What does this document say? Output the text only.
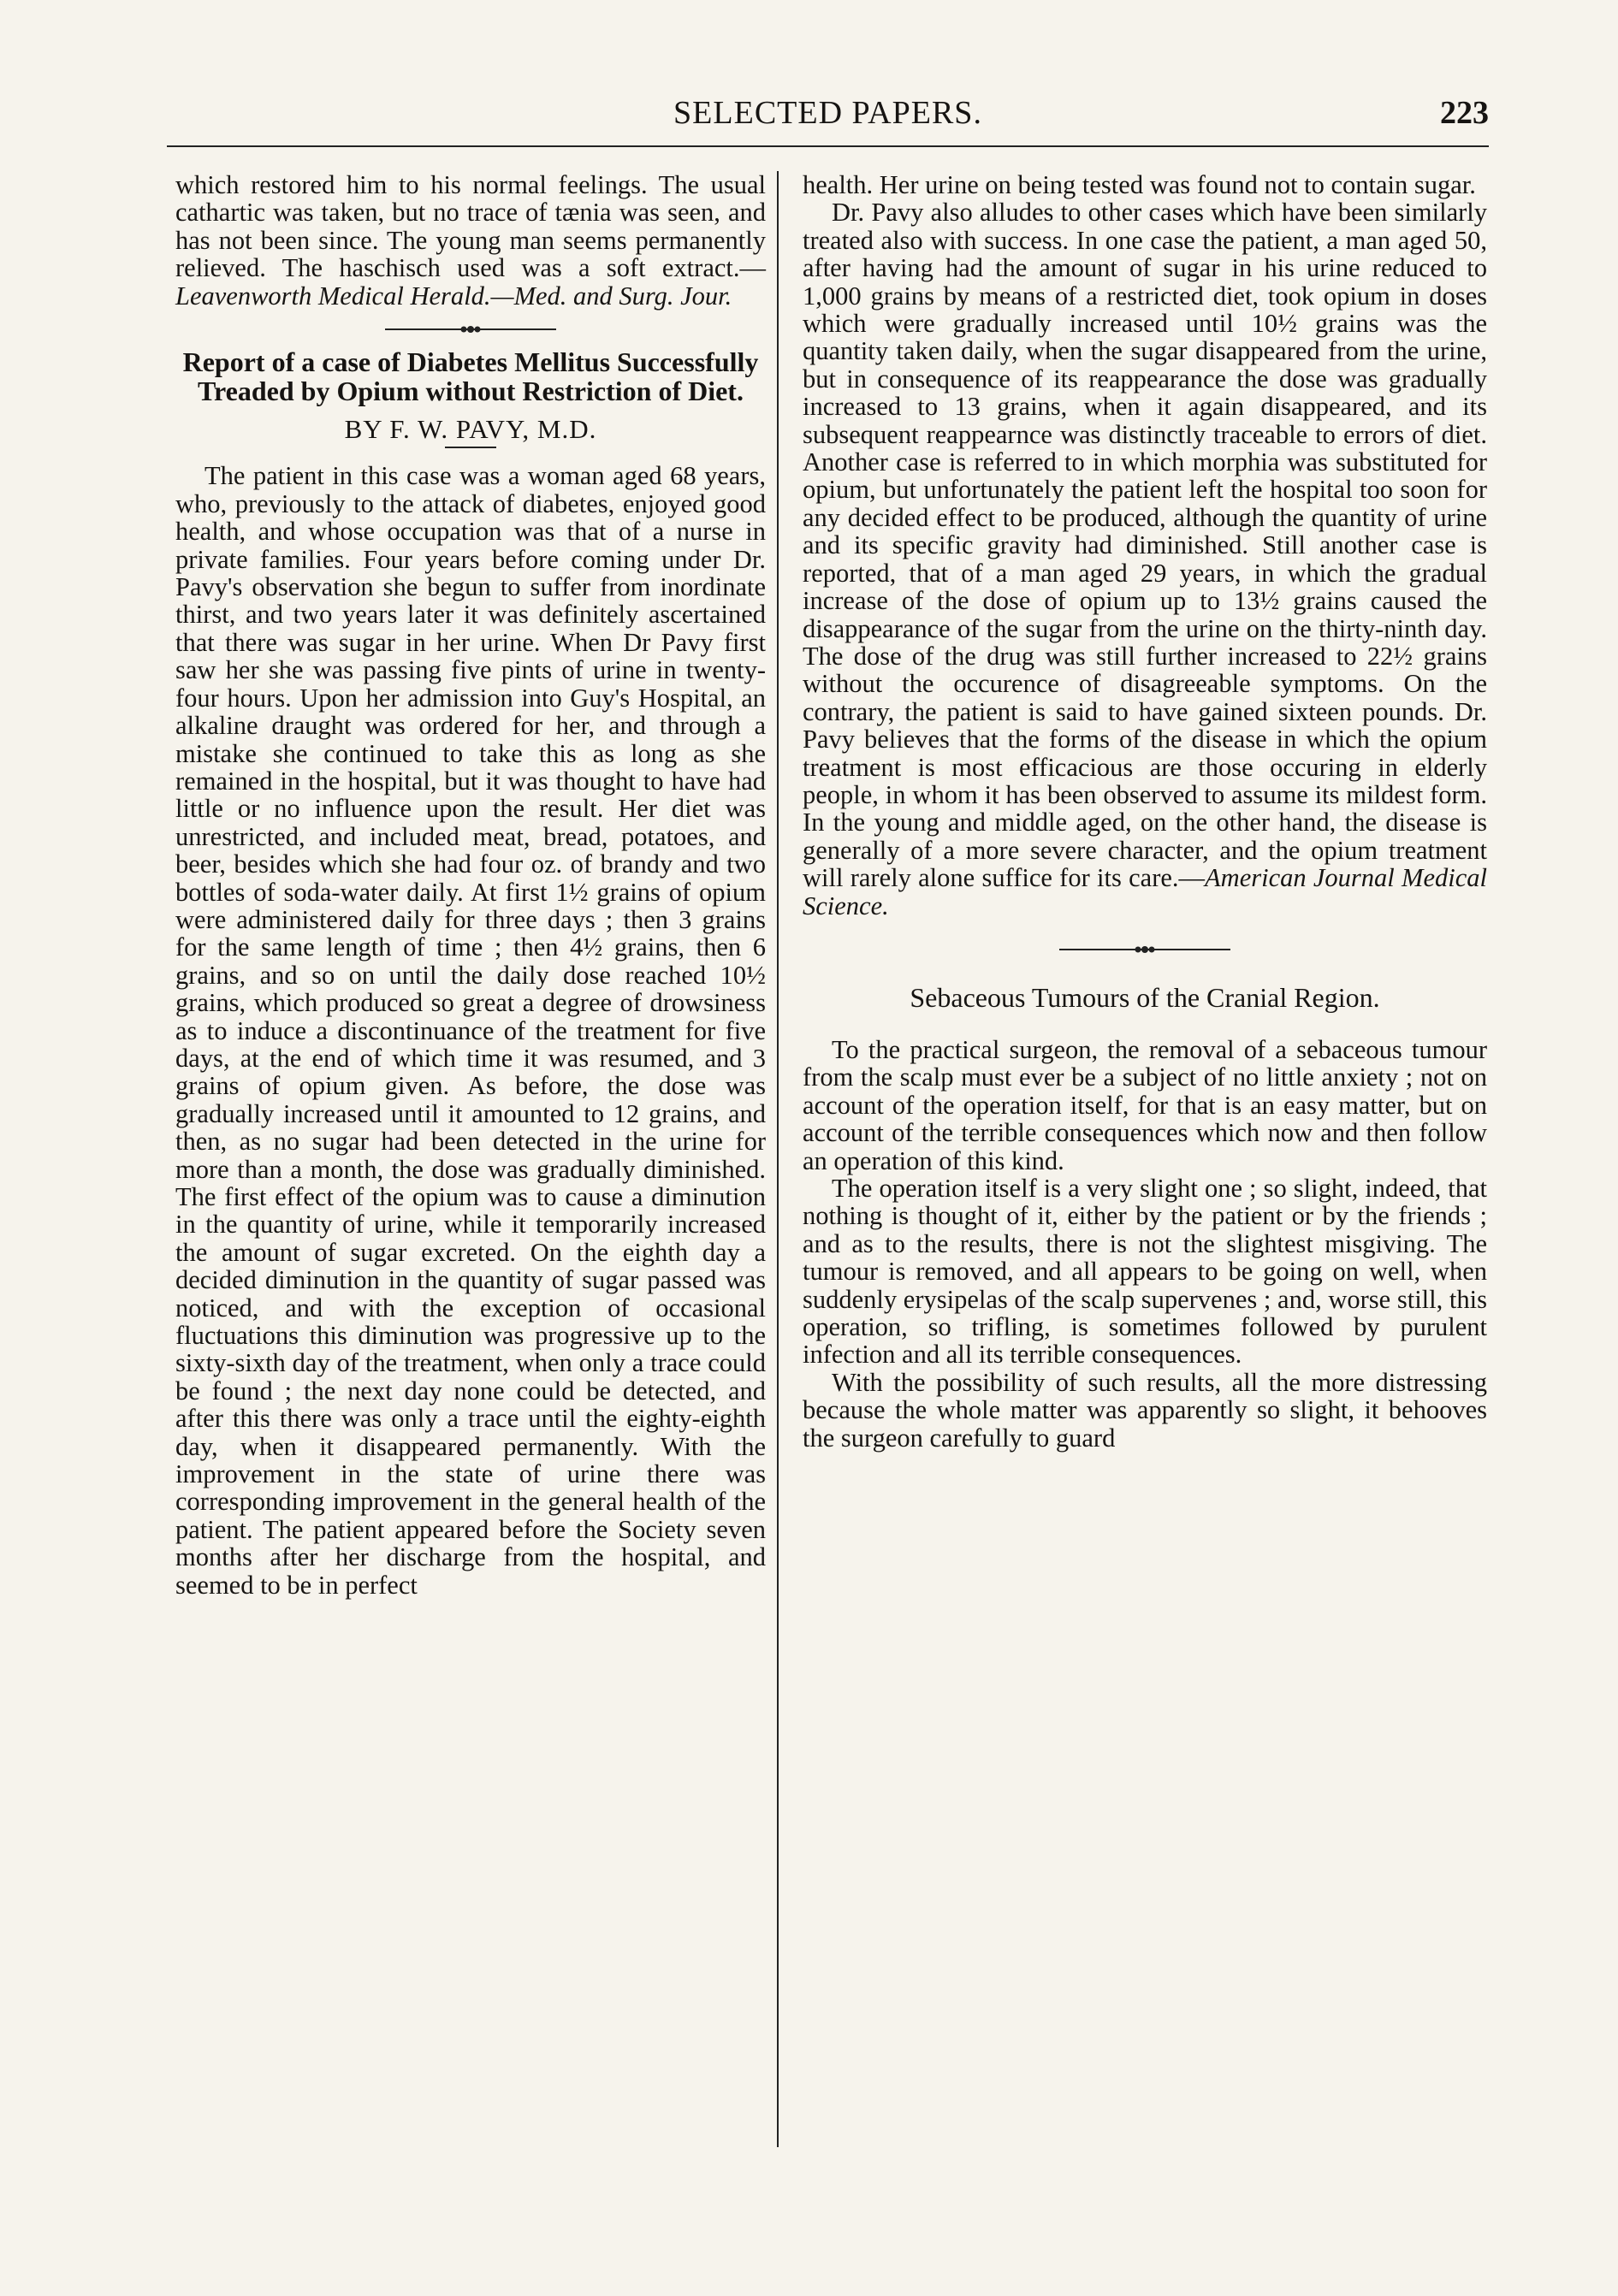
SELECTED PAPERS.	223

which restored him to his normal feelings. The usual cathartic was taken, but no trace of tænia was seen, and has not been since. The young man seems permanently relieved. The haschisch used was a soft extract.—Leavenworth Medical Herald.—Med. and Surg. Jour.

Report of a case of Diabetes Mellitus Successfully Treaded by Opium without Restriction of Diet.
BY F. W. PAVY, M.D.

The patient in this case was a woman aged 68 years, who, previously to the attack of diabetes, enjoyed good health, and whose occupation was that of a nurse in private families. Four years before coming under Dr. Pavy's observation she begun to suffer from inordinate thirst, and two years later it was definitely ascertained that there was sugar in her urine. When Dr Pavy first saw her she was passing five pints of urine in twenty-four hours. Upon her admission into Guy's Hospital, an alkaline draught was ordered for her, and through a mistake she continued to take this as long as she remained in the hospital, but it was thought to have had little or no influence upon the result. Her diet was unrestricted, and included meat, bread, potatoes, and beer, besides which she had four oz. of brandy and two bottles of soda-water daily. At first 1½ grains of opium were administered daily for three days ; then 3 grains for the same length of time ; then 4½ grains, then 6 grains, and so on until the daily dose reached 10½ grains, which produced so great a degree of drowsiness as to induce a discontinuance of the treatment for five days, at the end of which time it was resumed, and 3 grains of opium given. As before, the dose was gradually increased until it amounted to 12 grains, and then, as no sugar had been detected in the urine for more than a month, the dose was gradually diminished. The first effect of the opium was to cause a diminution in the quantity of urine, while it temporarily increased the amount of sugar excreted. On the eighth day a decided diminution in the quantity of sugar passed was noticed, and with the exception of occasional fluctuations this diminution was progressive up to the sixty-sixth day of the treatment, when only a trace could be found ; the next day none could be detected, and after this there was only a trace until the eighty-eighth day, when it disappeared permanently. With the improvement in the state of urine there was corresponding improvement in the general health of the patient. The patient appeared before the Society seven months after her discharge from the hospital, and seemed to be in perfect

health. Her urine on being tested was found not to contain sugar.

Dr. Pavy also alludes to other cases which have been similarly treated also with success. In one case the patient, a man aged 50, after having had the amount of sugar in his urine reduced to 1,000 grains by means of a restricted diet, took opium in doses which were gradually increased until 10½ grains was the quantity taken daily, when the sugar disappeared from the urine, but in consequence of its reappearance the dose was gradually increased to 13 grains, when it again disappeared, and its subsequent reappearnce was distinctly traceable to errors of diet. Another case is referred to in which morphia was substituted for opium, but unfortunately the patient left the hospital too soon for any decided effect to be produced, although the quantity of urine and its specific gravity had diminished. Still another case is reported, that of a man aged 29 years, in which the gradual increase of the dose of opium up to 13½ grains caused the disappearance of the sugar from the urine on the thirty-ninth day. The dose of the drug was still further increased to 22½ grains without the occurence of disagreeable symptoms. On the contrary, the patient is said to have gained sixteen pounds. Dr. Pavy believes that the forms of the disease in which the opium treatment is most efficacious are those occuring in elderly people, in whom it has been observed to assume its mildest form. In the young and middle aged, on the other hand, the disease is generally of a more severe character, and the opium treatment will rarely alone suffice for its care.—American Journal Medical Science.

Sebaceous Tumours of the Cranial Region.

To the practical surgeon, the removal of a sebaceous tumour from the scalp must ever be a subject of no little anxiety ; not on account of the operation itself, for that is an easy matter, but on account of the terrible consequences which now and then follow an operation of this kind.

The operation itself is a very slight one ; so slight, indeed, that nothing is thought of it, either by the patient or by the friends ; and as to the results, there is not the slightest misgiving. The tumour is removed, and all appears to be going on well, when suddenly erysipelas of the scalp supervenes ; and, worse still, this operation, so trifling, is sometimes followed by purulent infection and all its terrible consequences.

With the possibility of such results, all the more distressing because the whole matter was apparently so slight, it behooves the surgeon carefully to guard
